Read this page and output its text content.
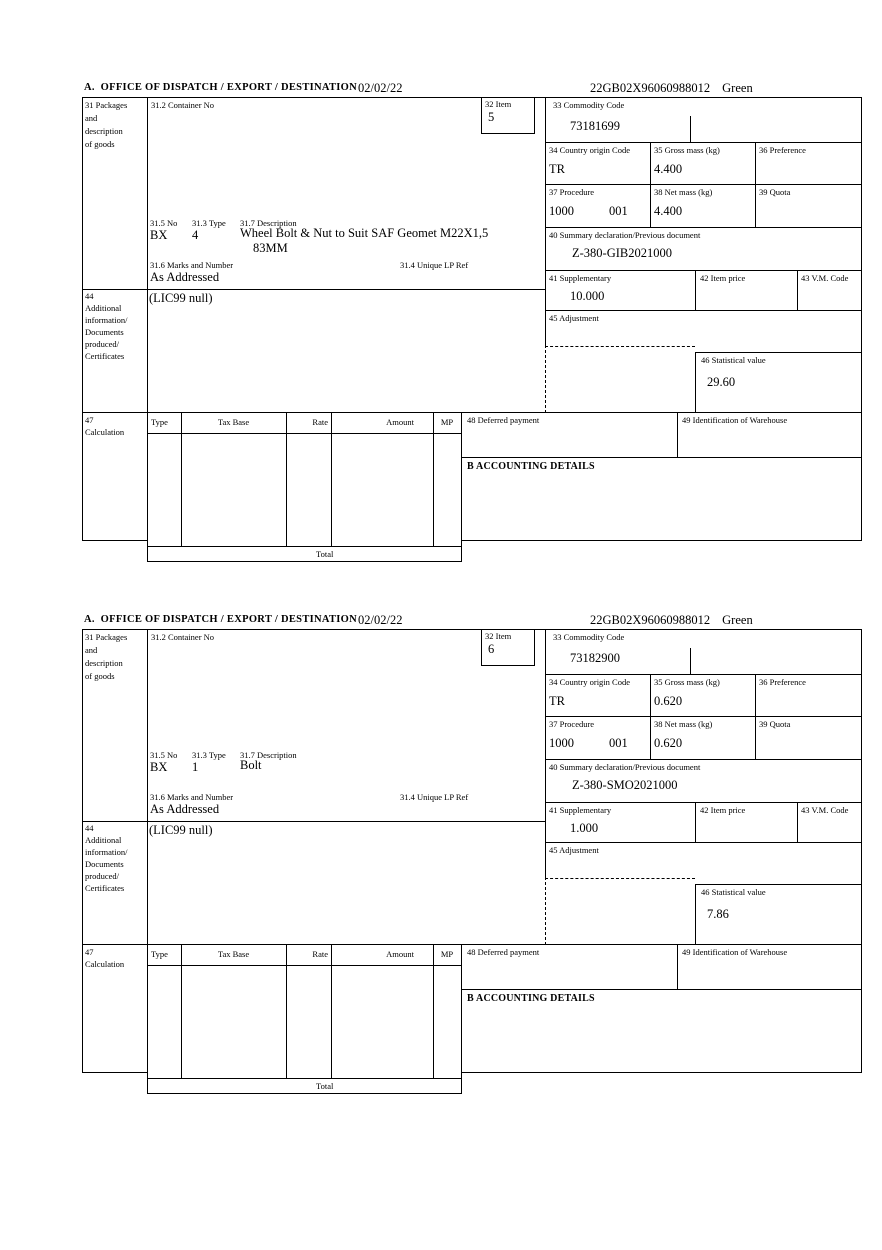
A.  OFFICE OF DISPATCH / EXPORT / DESTINATION 02/02/22	22GB02X96060988012 Green
31 Packages
and
description
of goods
44
Additional
information/
Documents
produced/
Certificates
47
Calculation
31.2 Container No
31.5 No 31.3 Type 31.7 Description
BX 4	Wheel Bolt & Nut to Suit SAF Geomet M22X1,5
83MM
31.6 Marks and Number	31.4 Unique LP Ref
As Addressed
(LIC99 null)
32 Item
5
33 Commodity Code
73181699
34 Country origin Code
TR
35 Gross mass (kg)
4.400
36 Preference
37 Procedure
1000	001
38 Net mass (kg)
4.400
39 Quota
40 Summary declaration/Previous document
Z-380-GIB2021000
41 Supplementary
10.000
42 Item price	43 V.M. Code
45 Adjustment
46 Statistical value
29.60
48 Deferred payment	49 Identification of Warehouse
B ACCOUNTING DETAILS
Type	Tax Base	Rate	Amount	MP
Total
A.  OFFICE OF DISPATCH / EXPORT / DESTINATION 02/02/22	22GB02X96060988012 Green
31 Packages
and
description
of goods
44
Additional
information/
Documents
produced/
Certificates
47
Calculation
31.2 Container No
31.5 No 31.3 Type 31.7 Description
BX 1	Bolt
31.6 Marks and Number	31.4 Unique LP Ref
As Addressed
(LIC99 null)
32 Item
6
33 Commodity Code
73182900
34 Country origin Code
TR
35 Gross mass (kg)
0.620
36 Preference
37 Procedure
1000	001
38 Net mass (kg)
0.620
39 Quota
40 Summary declaration/Previous document
Z-380-SMO2021000
41 Supplementary
1.000
42 Item price	43 V.M. Code
45 Adjustment
46 Statistical value
7.86
48 Deferred payment	49 Identification of Warehouse
B ACCOUNTING DETAILS
Type	Tax Base	Rate	Amount	MP
Total
